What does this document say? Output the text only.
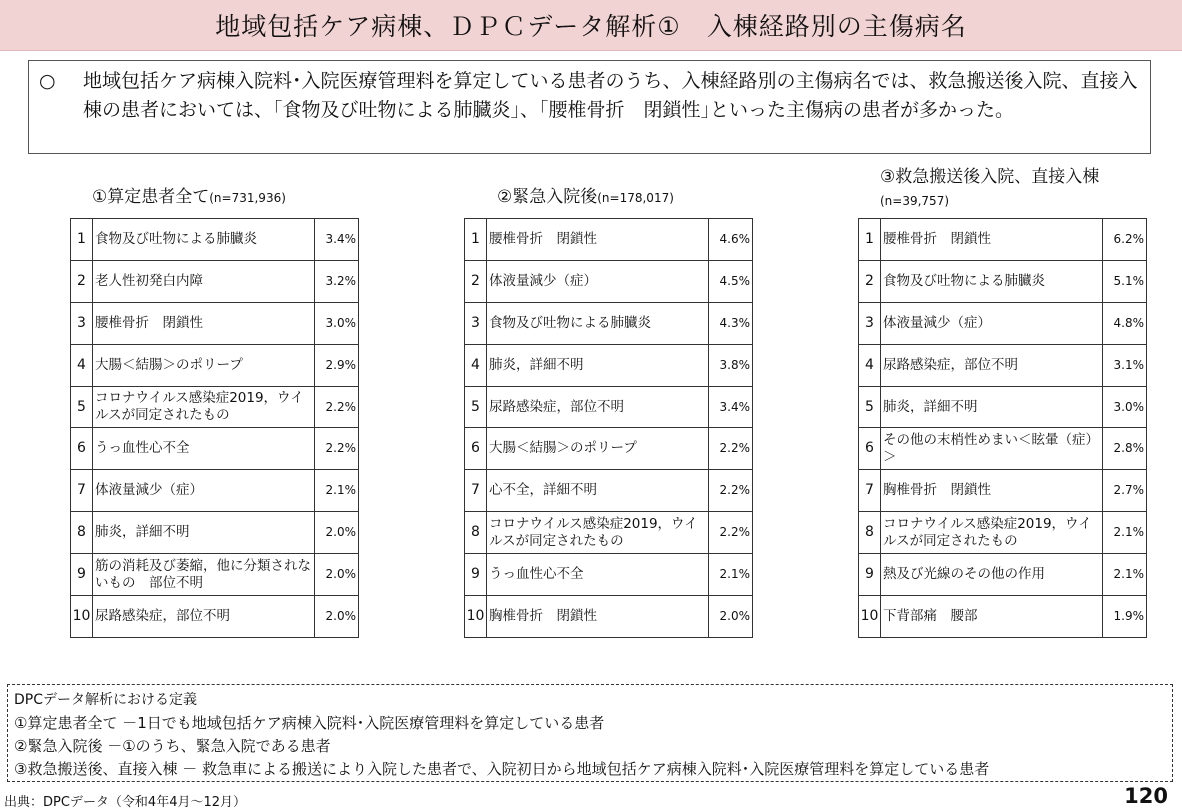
地域包括ケア病棟、ＤＰＣデータ解析①　入棟経路別の主傷病名
○ 地域包括ケア病棟入院料･入院医療管理料を算定している患者のうち、入棟経路別の主傷病名では、救急搬送後入院、直接入棟の患者においては、｢食物及び吐物による肺臓炎｣、｢腰椎骨折　閉鎖性｣といった主傷病の患者が多かった。
①算定患者全て(n=731,936)
1	食物及び吐物による肺臓炎	3.4%
2	老人性初発白内障	3.2%
3	腰椎骨折　閉鎖性	3.0%
4	大腸＜結腸＞のポリープ	2.9%
5	コロナウイルス感染症2019，ウイルスが同定されたもの	2.2%
6	うっ血性心不全	2.2%
7	体液量減少（症）	2.1%
8	肺炎，詳細不明	2.0%
9	筋の消耗及び萎縮，他に分類されないもの　部位不明	2.0%
10	尿路感染症，部位不明	2.0%
②緊急入院後(n=178,017)
1	腰椎骨折　閉鎖性	4.6%
2	体液量減少（症）	4.5%
3	食物及び吐物による肺臓炎	4.3%
4	肺炎，詳細不明	3.8%
5	尿路感染症，部位不明	3.4%
6	大腸＜結腸＞のポリープ	2.2%
7	心不全，詳細不明	2.2%
8	コロナウイルス感染症2019，ウイルスが同定されたもの	2.2%
9	うっ血性心不全	2.1%
10	胸椎骨折　閉鎖性	2.0%
③救急搬送後入院、直接入棟
(n=39,757)
1	腰椎骨折　閉鎖性	6.2%
2	食物及び吐物による肺臓炎	5.1%
3	体液量減少（症）	4.8%
4	尿路感染症，部位不明	3.1%
5	肺炎，詳細不明	3.0%
6	その他の末梢性めまい＜眩暈（症）＞	2.8%
7	胸椎骨折　閉鎖性	2.7%
8	コロナウイルス感染症2019，ウイルスが同定されたもの	2.1%
9	熱及び光線のその他の作用	2.1%
10	下背部痛　腰部	1.9%
DPCデータ解析における定義
①算定患者全て －1日でも地域包括ケア病棟入院料･入院医療管理料を算定している患者
②緊急入院後 －①のうち、緊急入院である患者
③救急搬送後、直接入棟 － 救急車による搬送により入院した患者で、入院初日から地域包括ケア病棟入院料･入院医療管理料を算定している患者
出典：DPCデータ（令和4年4月～12月）	120
